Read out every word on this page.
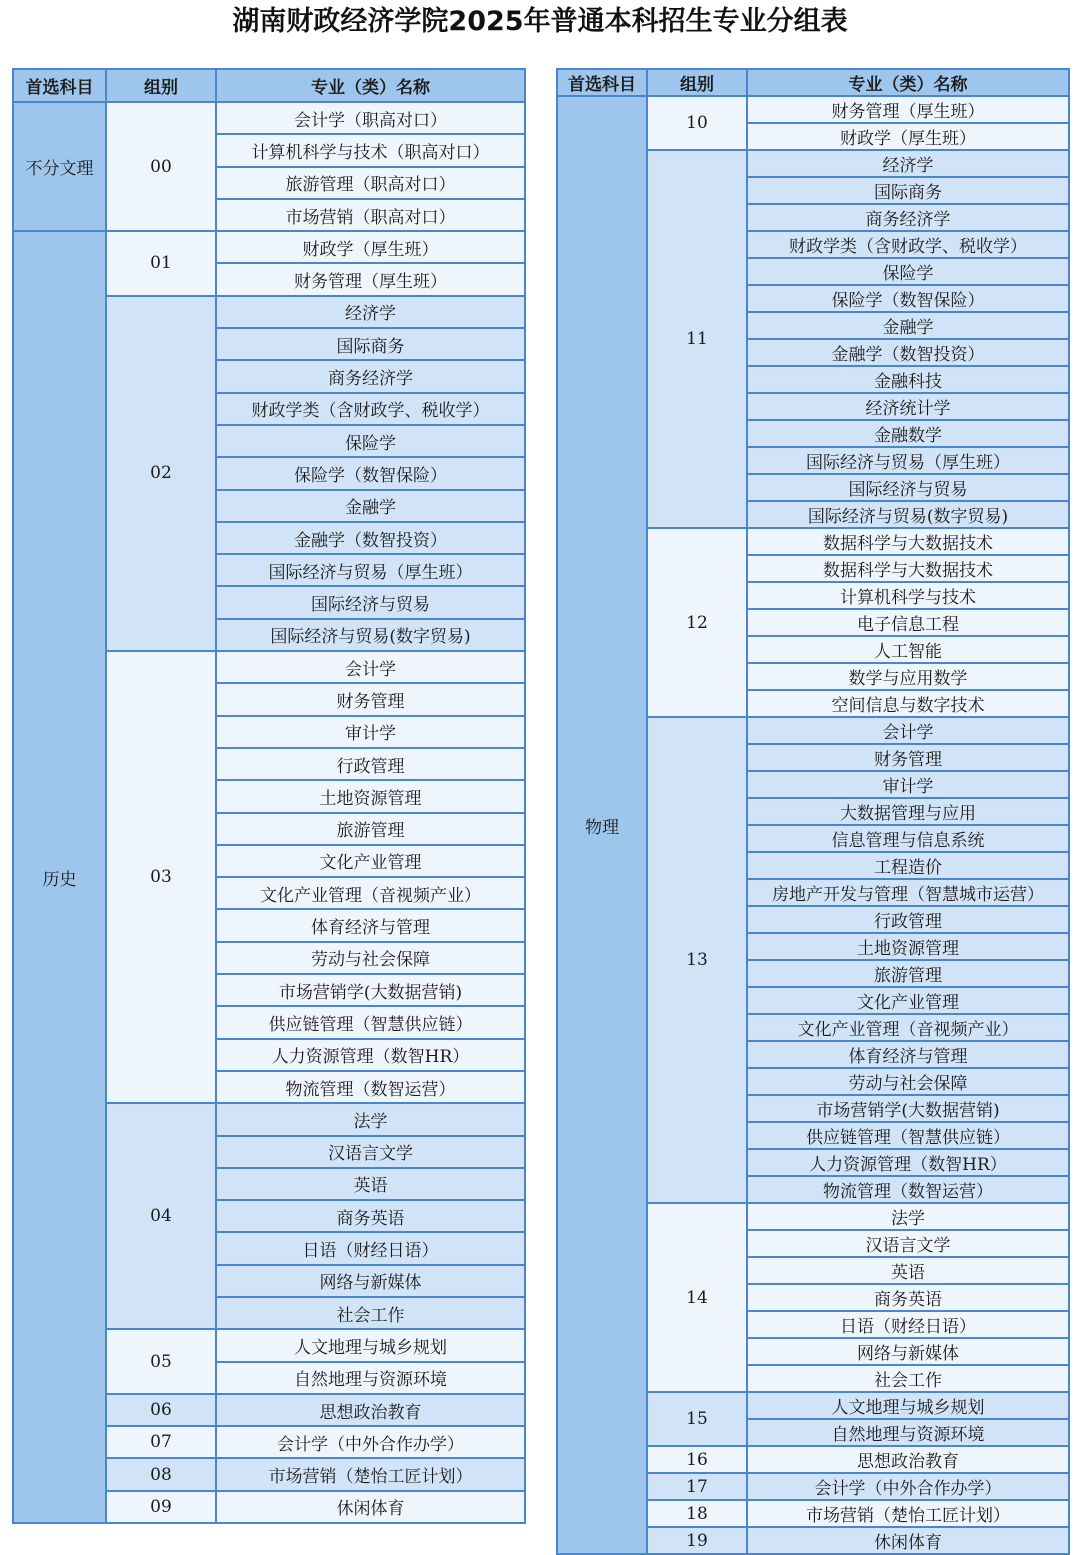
湖南财政经济学院2025年普通本科招生专业分组表
首选科目	组别	专业（类）名称
不分文理	00	会计学（职高对口）
		计算机科学与技术（职高对口）
		旅游管理（职高对口）
		市场营销（职高对口）
历史	01	财政学（厚生班）
		财务管理（厚生班）
	02	经济学
		国际商务
		商务经济学
		财政学类（含财政学、税收学）
		保险学
		保险学（数智保险）
		金融学
		金融学（数智投资）
		国际经济与贸易（厚生班）
		国际经济与贸易
		国际经济与贸易(数字贸易)
	03	会计学
		财务管理
		审计学
		行政管理
		土地资源管理
		旅游管理
		文化产业管理
		文化产业管理（音视频产业）
		体育经济与管理
		劳动与社会保障
		市场营销学(大数据营销)
		供应链管理（智慧供应链）
		人力资源管理（数智HR）
		物流管理（数智运营）
	04	法学
		汉语言文学
		英语
		商务英语
		日语（财经日语）
		网络与新媒体
		社会工作
	05	人文地理与城乡规划
		自然地理与资源环境
	06	思想政治教育
	07	会计学（中外合作办学）
	08	市场营销（楚怡工匠计划）
	09	休闲体育
首选科目	组别	专业（类）名称
物理	10	财务管理（厚生班）
		财政学（厚生班）
	11	经济学
		国际商务
		商务经济学
		财政学类（含财政学、税收学）
		保险学
		保险学（数智保险）
		金融学
		金融学（数智投资）
		金融科技
		经济统计学
		金融数学
		国际经济与贸易（厚生班）
		国际经济与贸易
		国际经济与贸易(数字贸易)
	12	数据科学与大数据技术
		数据科学与大数据技术
		计算机科学与技术
		电子信息工程
		人工智能
		数学与应用数学
		空间信息与数字技术
	13	会计学
		财务管理
		审计学
		大数据管理与应用
		信息管理与信息系统
		工程造价
		房地产开发与管理（智慧城市运营）
		行政管理
		土地资源管理
		旅游管理
		文化产业管理
		文化产业管理（音视频产业）
		体育经济与管理
		劳动与社会保障
		市场营销学(大数据营销)
		供应链管理（智慧供应链）
		人力资源管理（数智HR）
		物流管理（数智运营）
	14	法学
		汉语言文学
		英语
		商务英语
		日语（财经日语）
		网络与新媒体
		社会工作
	15	人文地理与城乡规划
		自然地理与资源环境
	16	思想政治教育
	17	会计学（中外合作办学）
	18	市场营销（楚怡工匠计划）
	19	休闲体育
